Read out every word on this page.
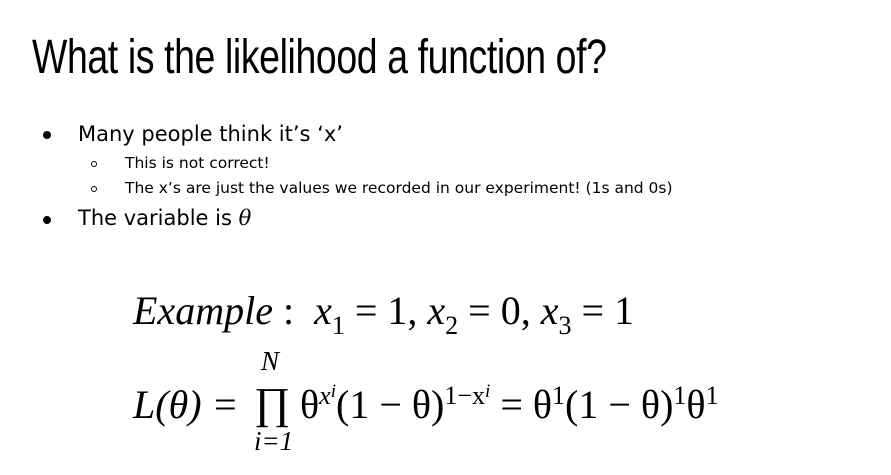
What is the likelihood a function of?
Many people think it’s ‘x’
This is not correct!
The x’s are just the values we recorded in our experiment! (1s and 0s)
The variable is θ
Example : $x_1 = 1$, $x_2 = 0$, $x_3 = 1$
L(θ) =
N
∏
i=1
$\theta^{x^i}(1 - \theta)^{1-x^i} = \theta^1(1 - \theta)^1\theta^1$
